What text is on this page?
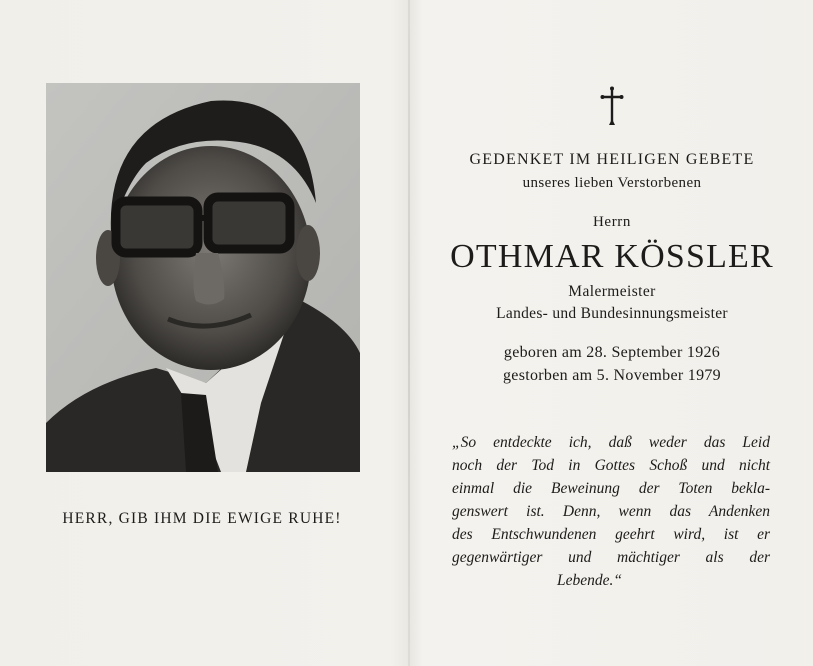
HERR, GIB IHM DIE EWIGE RUHE!
GEDENKET IM HEILIGEN GEBETE
unseres lieben Verstorbenen
Herrn
OTHMAR KÖSSLER
Malermeister
Landes- und Bundesinnungsmeister
geboren am 28. September 1926
gestorben am 5. November 1979
„So entdeckte ich, daß weder das Leid
noch der Tod in Gottes Schoß und nicht
einmal die Beweinung der Toten bekla-
genswert ist. Denn, wenn das Andenken
des Entschwundenen geehrt wird, ist er
gegenwärtiger und mächtiger als der
Lebende.“
